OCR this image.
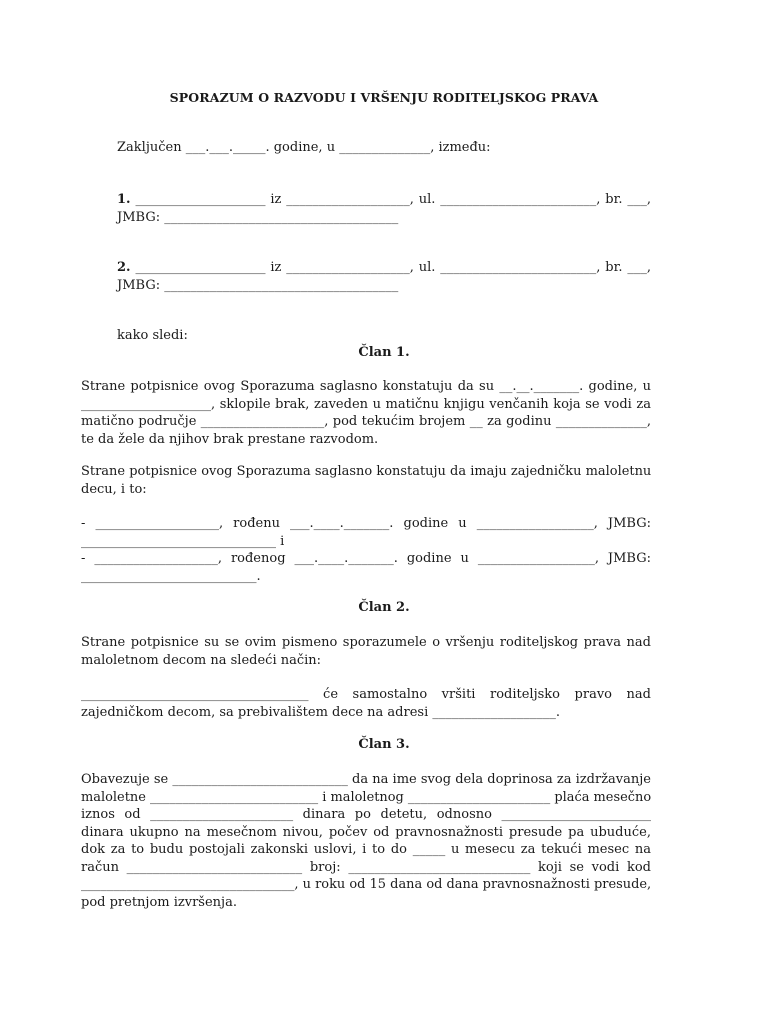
SPORAZUM O RAZVODU I VRŠENJU RODITELJSKOG PRAVA

Zaključen ___.___._____. godine, u ______________, između:

1. ____________________ iz ___________________, ul. ________________________, br. ___,
JMBG: ____________________________________
2. ____________________ iz ___________________, ul. ________________________, br. ___,
JMBG: ____________________________________

kako sledi:

Član 1.

Strane potpisnice ovog Sporazuma saglasno konstatuju da su __.__._______. godine, u
____________________, sklopile brak, zaveden u matičnu knjigu venčanih koja se vodi za
matično područje ___________________, pod tekućim brojem __ za godinu ______________,
te da žele da njihov brak prestane razvodom.
Strane potpisnice ovog Sporazuma saglasno konstatuju da imaju zajedničku maloletnu
decu, i to:
- ___________________, rođenu ___.____._______. godine u __________________, JMBG:
______________________________ i
- ___________________, rođenog ___.____._______. godine u __________________, JMBG:
___________________________.

Član 2.

Strane potpisnice su se ovim pismeno sporazumele o vršenju roditeljskog prava nad
maloletnom decom na sledeći način:
___________________________________ će samostalno vršiti roditeljsko pravo nad
zajedničkom decom, sa prebivalištem dece na adresi ___________________.

Član 3.

Obavezuje se ___________________________ da na ime svog dela doprinosa za izdržavanje
maloletne __________________________ i maloletnog ______________________ plaća mesečno
iznos od ______________________ dinara po detetu, odnosno _______________________
dinara ukupno na mesečnom nivou, počev od pravnosnažnosti presude pa ubuduće,
dok za to budu postojali zakonski uslovi, i to do _____ u mesecu za tekući mesec na
račun ___________________________ broj: ____________________________ koji se vodi kod
_________________________________, u roku od 15 dana od dana pravnosnažnosti presude,
pod pretnjom izvršenja.
